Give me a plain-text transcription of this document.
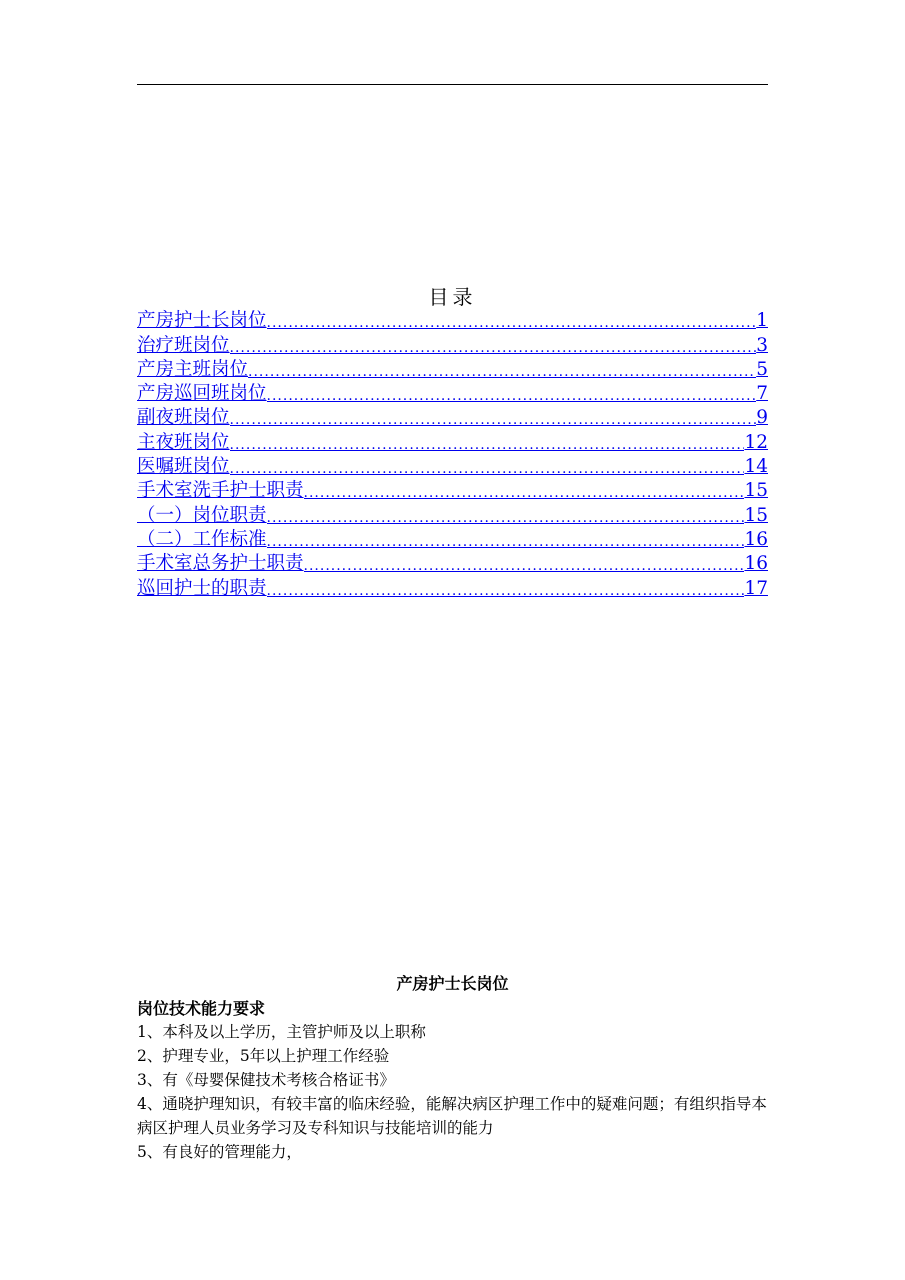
目录
产房护士长岗位 .....	1
治疗班岗位 .....	3
产房主班岗位 .....	5
产房巡回班岗位 .....	7
副夜班岗位 .....	9
主夜班岗位 .....	12
医嘱班岗位 .....	14
手术室洗手护士职责 .....	15
（一）岗位职责 .....	15
（二）工作标准 .....	16
手术室总务护士职责 .....	16
巡回护士的职责 .....	17
产房护士长岗位
岗位技术能力要求

1、本科及以上学历，主管护师及以上职称

2、护理专业，5年以上护理工作经验

3、有《母婴保健技术考核合格证书》

4、通晓护理知识，有较丰富的临床经验，能解决病区护理工作中的疑难问题；有组织指导本病区护理人员业务学习及专科知识与技能培训的能力

5、有良好的管理能力，
